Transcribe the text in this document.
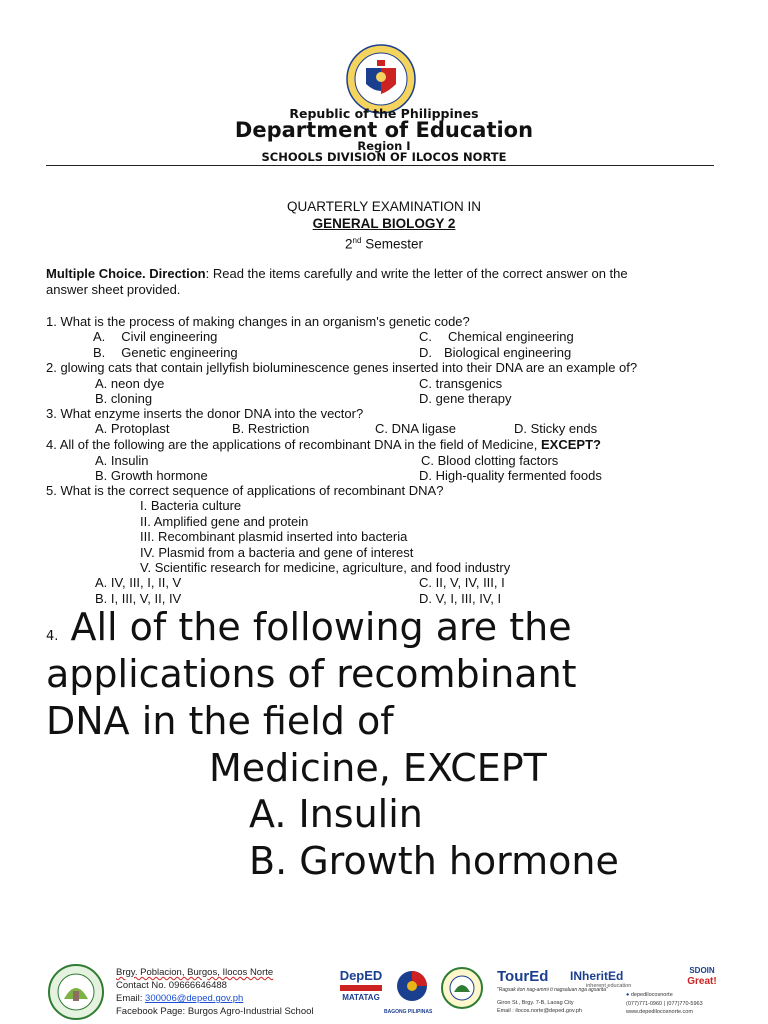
Republic of the Philippines
Department of Education
Region I
SCHOOLS DIVISION OF ILOCOS NORTE
QUARTERLY EXAMINATION IN
GENERAL BIOLOGY 2
2nd Semester
Multiple Choice. Direction: Read the items carefully and write the letter of the correct answer on the
answer sheet provided.
1. What is the process of making changes in an organism's genetic code?
A. Civil engineering
B. Genetic engineering
C. Chemical engineering
D. Biological engineering
2. glowing cats that contain jellyfish bioluminescence genes inserted into their DNA are an example of?
A. neon dye
B. cloning
C. transgenics
D. gene therapy
3. What enzyme inserts the donor DNA into the vector?
A. Protoplast	B. Restriction	C. DNA ligase	D. Sticky ends
4. All of the following are the applications of recombinant DNA in the field of Medicine, EXCEPT?
A. Insulin
B. Growth hormone
C. Blood clotting factors
D. High-quality fermented foods
5. What is the correct sequence of applications of recombinant DNA?
I. Bacteria culture
II. Amplified gene and protein
III. Recombinant plasmid inserted into bacteria
IV. Plasmid from a bacteria and gene of interest
V. Scientific research for medicine, agriculture, and food industry
A. IV, III, I, II, V
B. I, III, V, II, IV
C. II, V, IV, III, I
D. V, I, III, IV, I
4. All of the following are the
applications of recombinant
DNA in the field of
Medicine, EXCEPT
A. Insulin
B. Growth hormone
Brgy. Poblacion, Burgos, Ilocos Norte
Contact No. 09666646488
Email: 300006@deped.gov.ph
Facebook Page: Burgos Agro-Industrial School
DepED
MATATAG
BAGONG PILIPINAS
TourEd
"Ragsak iton nag-ammi ti nagsaluan nga agsarita"
INheritEd
inherent education
SDOIN
Great!
Giron St., Brgy. 7-B, Laoag City
Email : ilocos.norte@deped.gov.ph
● depedilocosnorte
(077)771-0960 | (077)770-5963
www.depedilocosnorte.com
